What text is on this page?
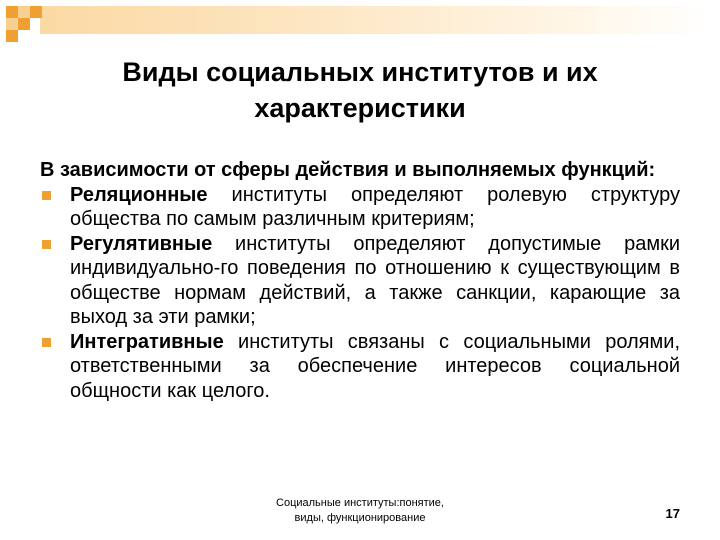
Виды социальных институтов и их
характеристики

В зависимости от сферы действия и выполняемых функций:

Реляционные институты определяют ролевую структуру общества по самым различным критериям;
Регулятивные институты определяют допустимые рамки индивидуально-го поведения по отношению к существующим в обществе нормам действий, а также санкции, карающие за выход за эти рамки;
Интегративные институты связаны с социальными ролями, ответственными за обеспечение интересов социальной общности как целого.
Социальные институты:понятие,
виды, функционирование	17
